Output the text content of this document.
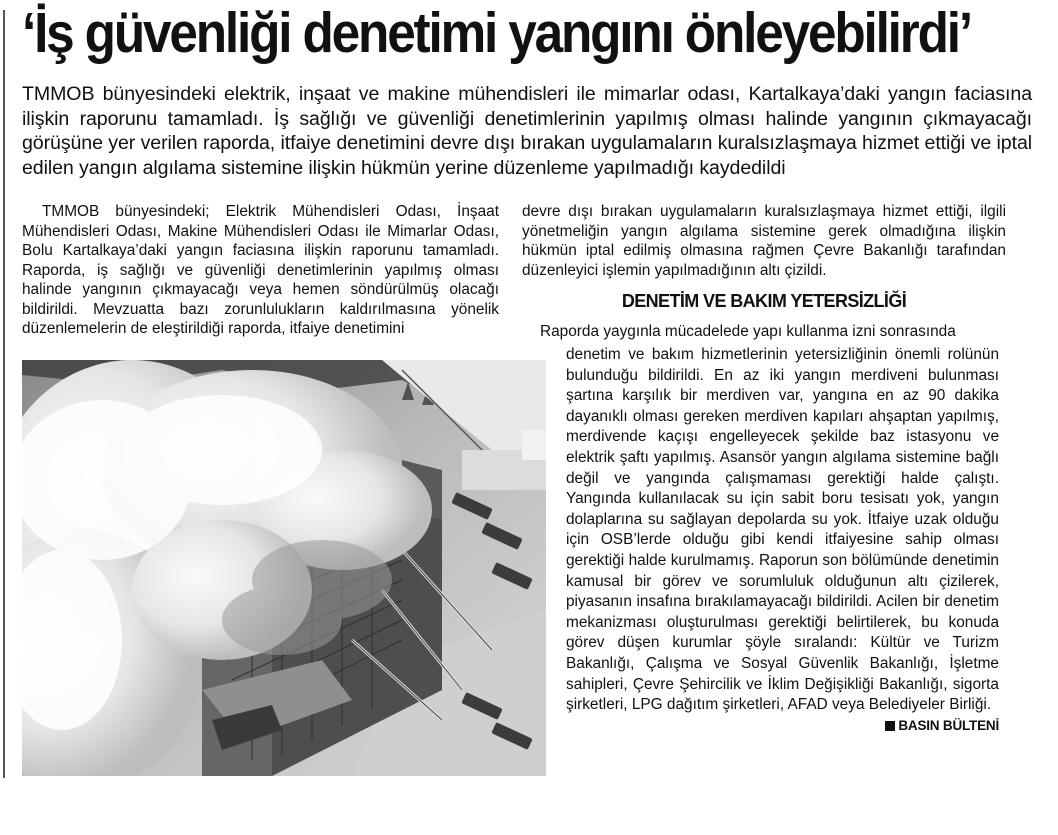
‘İş güvenliği denetimi yangını önleyebilirdi’

TMMOB bünyesindeki elektrik, inşaat ve makine mühendisleri ile mimarlar odası, Kartalkaya’daki yangın faciasına ilişkin raporunu tamamladı. İş sağlığı ve güvenliği denetimlerinin yapılmış olması halinde yangının çıkmayacağı görüşüne yer verilen raporda, itfaiye denetimini devre dışı bırakan uygulamaların kuralsızlaşmaya hizmet ettiği ve iptal edilen yangın algılama sistemine ilişkin hükmün yerine düzenleme yapılmadığı kaydedildi

TMMOB bünyesindeki; Elektrik Mühendisleri Odası, İnşaat Mühendisleri Odası, Makine Mühendisleri Odası ile Mimarlar Odası, Bolu Kartalkaya’daki yangın faciasına ilişkin raporunu tamamladı. Raporda, iş sağlığı ve güvenliği denetimlerinin yapılmış olması halinde yangının çıkmayacağı veya hemen söndürülmüş olacağı bildirildi. Mevzuatta bazı zorunlulukların kaldırılmasına yönelik düzenlemelerin de eleştirildiği raporda, itfaiye denetimini

devre dışı bırakan uygulamaların kuralsızlaşmaya hizmet ettiği, ilgili yönetmeliğin yangın algılama sistemine gerek olmadığına ilişkin hükmün iptal edilmiş olmasına rağmen Çevre Bakanlığı tarafından düzenleyici işlemin yapılmadığının altı çizildi.

DENETİM VE BAKIM YETERSİZLİĞİ

Raporda yaygınla mücadelede yapı kullanma izni sonrasında

denetim ve bakım hizmetlerinin yetersizliğinin önemli rolünün bulunduğu bildirildi. En az iki yangın merdiveni bulunması şartına karşılık bir merdiven var, yangına en az 90 dakika dayanıklı olması gereken merdiven kapıları ahşaptan yapılmış, merdivende kaçışı engelleyecek şekilde baz istasyonu ve elektrik şaftı yapılmış. Asansör yangın algılama sistemine bağlı değil ve yangında çalışmaması gerektiği halde çalıştı. Yangında kullanılacak su için sabit boru tesisatı yok, yangın dolaplarına su sağlayan depolarda su yok. İtfaiye uzak olduğu için OSB’lerde olduğu gibi kendi itfaiyesine sahip olması gerektiği halde kurulmamış. Raporun son bölümünde denetimin kamusal bir görev ve sorumluluk olduğunun altı çizilerek, piyasanın insafına bırakılamayacağı bildirildi. Acilen bir denetim mekanizması oluşturulması gerektiği belirtilerek, bu konuda görev düşen kurumlar şöyle sıralandı: Kültür ve Turizm Bakanlığı, Çalışma ve Sosyal Güvenlik Bakanlığı, İşletme sahipleri, Çevre Şehircilik ve İklim Değişikliği Bakanlığı, sigorta şirketleri, LPG dağıtım şirketleri, AFAD veya Belediyeler Birliği.
BASIN BÜLTENİ
